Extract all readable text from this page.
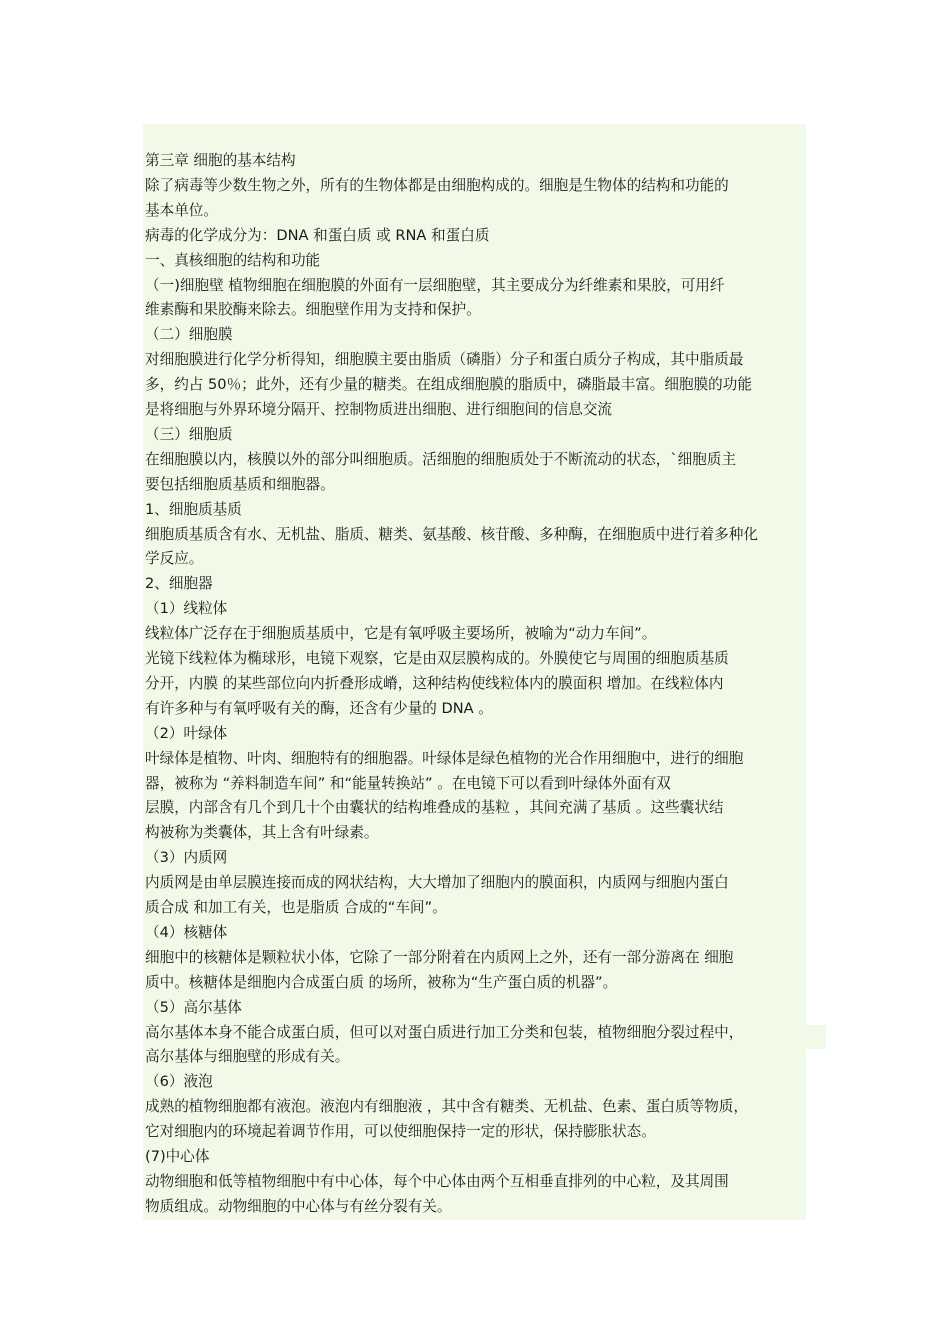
第三章 细胞的基本结构
除了病毒等少数生物之外，所有的生物体都是由细胞构成的。细胞是生物体的结构和功能的
基本单位。
病毒的化学成分为：DNA 和蛋白质 或 RNA 和蛋白质
一、真核细胞的结构和功能
（一)细胞壁 植物细胞在细胞膜的外面有一层细胞壁，其主要成分为纤维素和果胶，可用纤
维素酶和果胶酶来除去。细胞壁作用为支持和保护。
（二）细胞膜
对细胞膜进行化学分析得知，细胞膜主要由脂质（磷脂）分子和蛋白质分子构成，其中脂质最
多，约占 50％；此外，还有少量的糖类。在组成细胞膜的脂质中，磷脂最丰富。细胞膜的功能
是将细胞与外界环境分隔开、控制物质进出细胞、进行细胞间的信息交流
（三）细胞质
在细胞膜以内，核膜以外的部分叫细胞质。活细胞的细胞质处于不断流动的状态，`细胞质主
要包括细胞质基质和细胞器。
1、细胞质基质
细胞质基质含有水、无机盐、脂质、糖类、氨基酸、核苷酸、多种酶，在细胞质中进行着多种化
学反应。
2、细胞器
（1）线粒体
线粒体广泛存在于细胞质基质中，它是有氧呼吸主要场所，被喻为“动力车间”。
光镜下线粒体为椭球形，电镜下观察，它是由双层膜构成的。外膜使它与周围的细胞质基质
分开，内膜 的某些部位向内折叠形成嵴，这种结构使线粒体内的膜面积 增加。在线粒体内
有许多种与有氧呼吸有关的酶，还含有少量的 DNA 。
（2）叶绿体
叶绿体是植物、叶肉、细胞特有的细胞器。叶绿体是绿色植物的光合作用细胞中，进行的细胞
器，被称为 “养料制造车间” 和“能量转换站” 。在电镜下可以看到叶绿体外面有双
层膜，内部含有几个到几十个由囊状的结构堆叠成的基粒 ，其间充满了基质 。这些囊状结
构被称为类囊体，其上含有叶绿素。
（3）内质网
内质网是由单层膜连接而成的网状结构，大大增加了细胞内的膜面积，内质网与细胞内蛋白
质合成 和加工有关，也是脂质 合成的“车间”。
（4）核糖体
细胞中的核糖体是颗粒状小体，它除了一部分附着在内质网上之外，还有一部分游离在 细胞
质中。核糖体是细胞内合成蛋白质 的场所，被称为“生产蛋白质的机器”。
（5）高尔基体
高尔基体本身不能合成蛋白质，但可以对蛋白质进行加工分类和包装，植物细胞分裂过程中，
高尔基体与细胞壁的形成有关。
（6）液泡
成熟的植物细胞都有液泡。液泡内有细胞液 ，其中含有糖类、无机盐、色素、蛋白质等物质，
它对细胞内的环境起着调节作用，可以使细胞保持一定的形状，保持膨胀状态。
(7)中心体
动物细胞和低等植物细胞中有中心体，每个中心体由两个互相垂直排列的中心粒，及其周围
物质组成。动物细胞的中心体与有丝分裂有关。
